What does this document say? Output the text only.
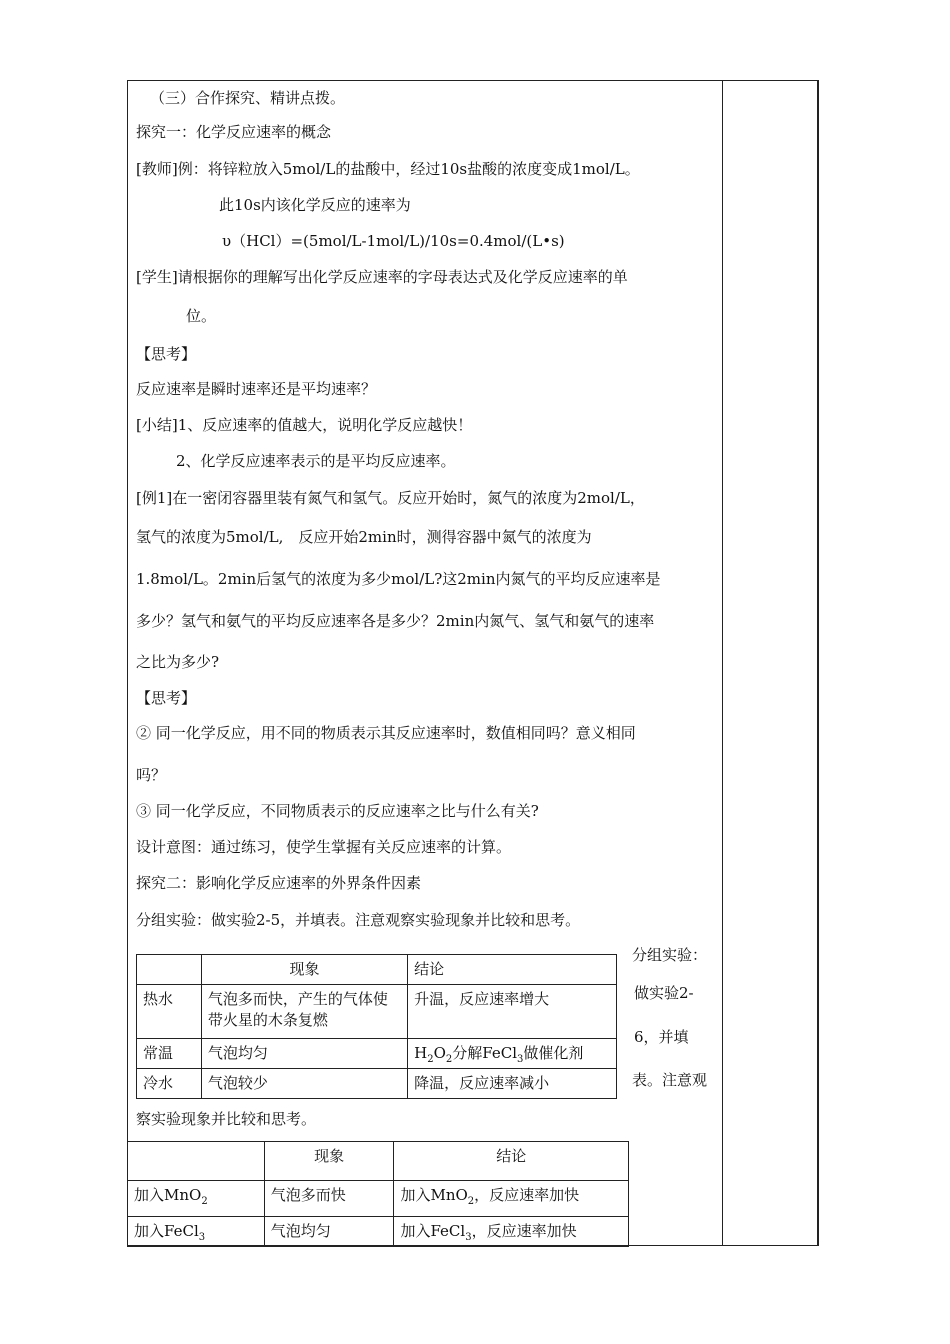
（三）合作探究、精讲点拨。
探究一：化学反应速率的概念
[教师]例：将锌粒放入5mol/L的盐酸中，经过10s盐酸的浓度变成1mol/L。
此10s内该化学反应的速率为
υ（HCl）=(5mol/L-1mol/L)/10s=0.4mol/(L•s)
[学生]请根据你的理解写出化学反应速率的字母表达式及化学反应速率的单
位。
【思考】
反应速率是瞬时速率还是平均速率？
[小结]1、反应速率的值越大，说明化学反应越快！
2、化学反应速率表示的是平均反应速率。
[例1]在一密闭容器里装有氮气和氢气。反应开始时，氮气的浓度为2mol/L，
氢气的浓度为5mol/L,　反应开始2min时，测得容器中氮气的浓度为
1.8mol/L。2min后氢气的浓度为多少mol/L?这2min内氮气的平均反应速率是
多少？氢气和氨气的平均反应速率各是多少？2min内氮气、氢气和氨气的速率
之比为多少?
【思考】
② 同一化学反应，用不同的物质表示其反应速率时，数值相同吗？意义相同
吗？
③ 同一化学反应，不同物质表示的反应速率之比与什么有关?
设计意图：通过练习，使学生掌握有关反应速率的计算。
探究二：影响化学反应速率的外界条件因素
分组实验：做实验2-5，并填表。注意观察实验现象并比较和思考。
分组实验：
做实验2-
6，并填
表。注意观
	现象	结论
热水	气泡多而快，产生的气体使带火星的木条复燃	升温，反应速率增大
常温	气泡均匀	$H_2O_2$分解FeCl$_3$做催化剂
冷水	气泡较少	降温，反应速率减小
察实验现象并比较和思考。
	现象	结论
加入MnO$_2$	气泡多而快	加入MnO$_2$，反应速率加快
加入FeCl$_3$	气泡均匀	加入FeCl$_3$，反应速率加快
